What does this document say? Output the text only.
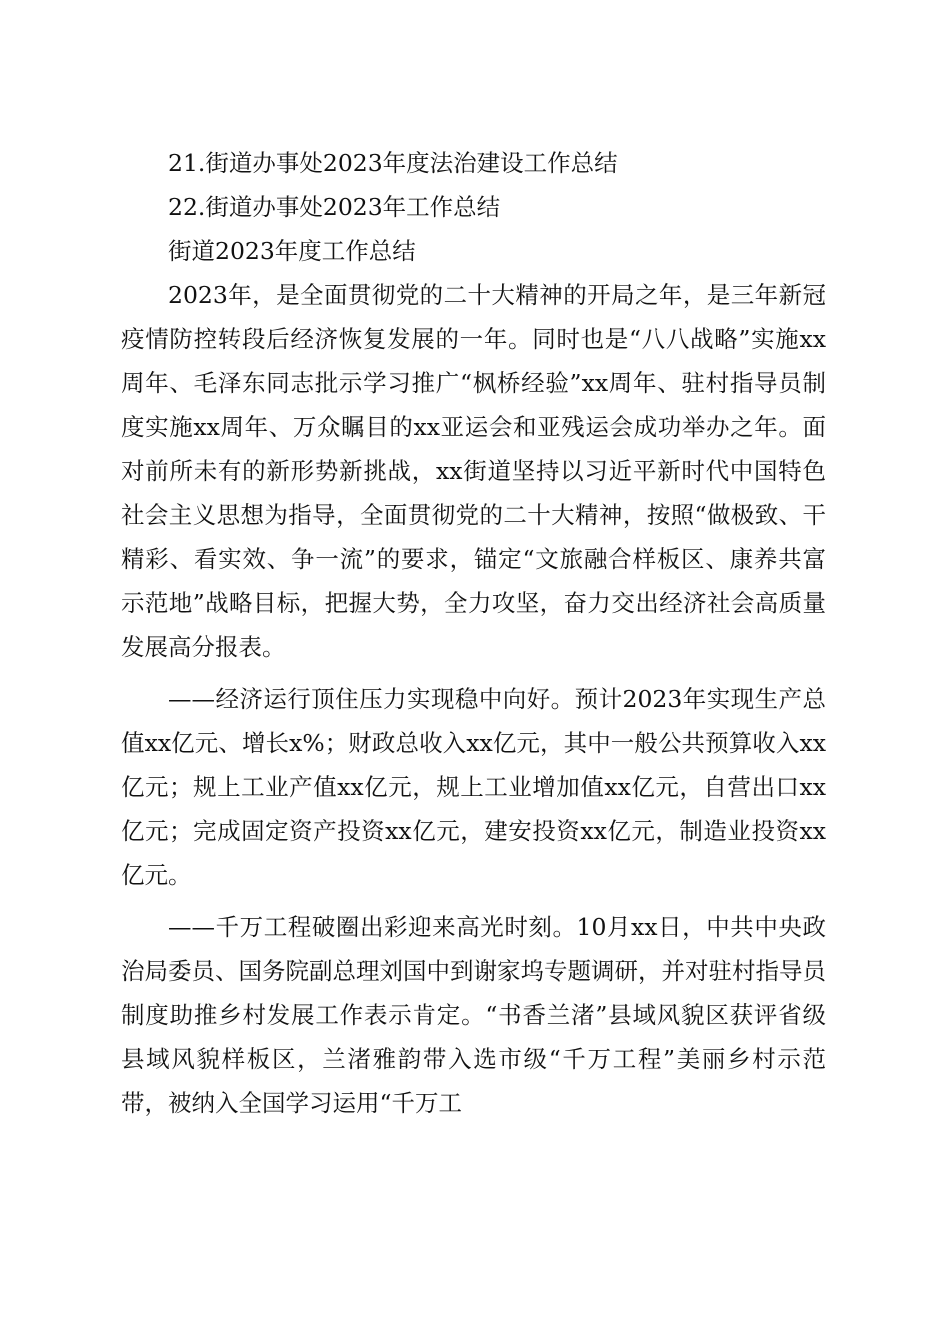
21.街道办事处2023年度法治建设工作总结

22.街道办事处2023年工作总结

街道2023年度工作总结

2023年，是全面贯彻党的二十大精神的开局之年，是三年新冠疫情防控转段后经济恢复发展的一年。同时也是“八八战略”实施xx周年、毛泽东同志批示学习推广“枫桥经验”xx周年、驻村指导员制度实施xx周年、万众瞩目的xx亚运会和亚残运会成功举办之年。面对前所未有的新形势新挑战，xx街道坚持以习近平新时代中国特色社会主义思想为指导，全面贯彻党的二十大精神，按照“做极致、干精彩、看实效、争一流”的要求，锚定“文旅融合样板区、康养共富示范地”战略目标，把握大势，全力攻坚，奋力交出经济社会高质量发展高分报表。

——经济运行顶住压力实现稳中向好。预计2023年实现生产总值xx亿元、增长x%；财政总收入xx亿元，其中一般公共预算收入xx亿元；规上工业产值xx亿元，规上工业增加值xx亿元，自营出口xx亿元；完成固定资产投资xx亿元，建安投资xx亿元，制造业投资xx亿元。

——千万工程破圈出彩迎来高光时刻。10月xx日，中共中央政治局委员、国务院副总理刘国中到谢家坞专题调研，并对驻村指导员制度助推乡村发展工作表示肯定。“书香兰渚”县域风貌区获评省级县域风貌样板区，兰渚雅韵带入选市级“千万工程”美丽乡村示范带，被纳入全国学习运用“千万工
